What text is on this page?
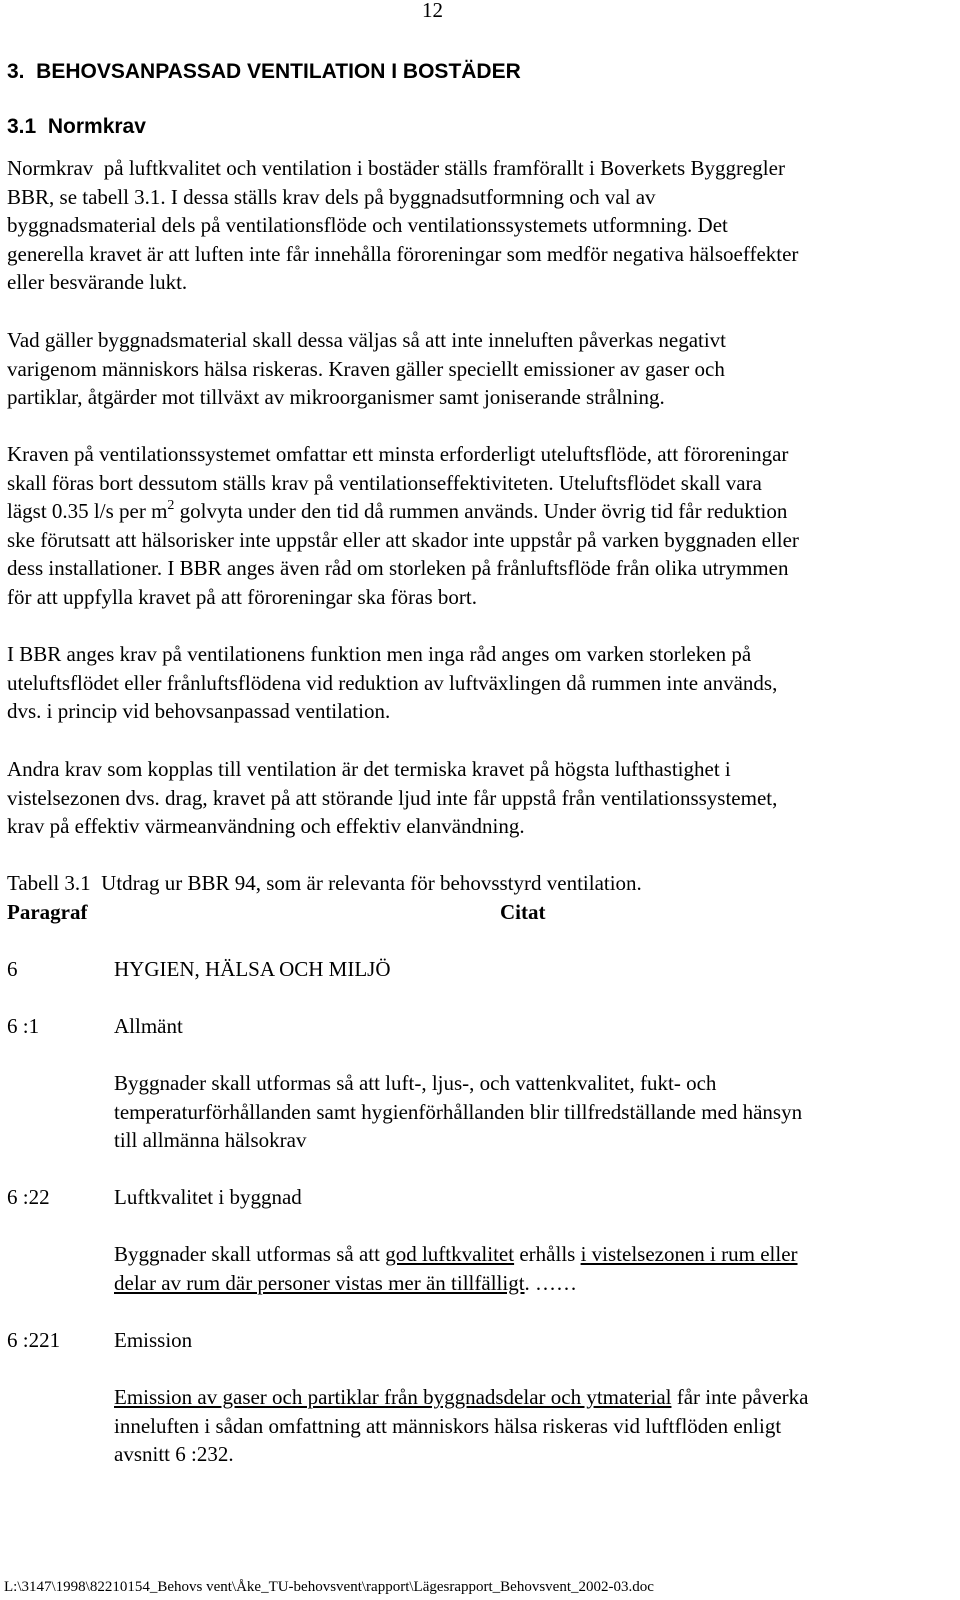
12
3.  BEHOVSANPASSAD VENTILATION I BOSTÄDER
3.1  Normkrav
Normkrav  på luftkvalitet och ventilation i bostäder ställs framförallt i Boverkets Byggregler
BBR, se tabell 3.1. I dessa ställs krav dels på byggnadsutformning och val av
byggnadsmaterial dels på ventilationsflöde och ventilationssystemets utformning. Det
generella kravet är att luften inte får innehålla föroreningar som medför negativa hälsoeffekter
eller besvärande lukt.
Vad gäller byggnadsmaterial skall dessa väljas så att inte inneluften påverkas negativt
varigenom människors hälsa riskeras. Kraven gäller speciellt emissioner av gaser och
partiklar, åtgärder mot tillväxt av mikroorganismer samt joniserande strålning.
Kraven på ventilationssystemet omfattar ett minsta erforderligt uteluftsflöde, att föroreningar
skall föras bort dessutom ställs krav på ventilationseffektiviteten. Uteluftsflödet skall vara
lägst 0.35 l/s per $m^2$ golvyta under den tid då rummen används. Under övrig tid får reduktion
ske förutsatt att hälsorisker inte uppstår eller att skador inte uppstår på varken byggnaden eller
dess installationer. I BBR anges även råd om storleken på frånluftsflöde från olika utrymmen
för att uppfylla kravet på att föroreningar ska föras bort.
I BBR anges krav på ventilationens funktion men inga råd anges om varken storleken på
uteluftsflödet eller frånluftsflödena vid reduktion av luftväxlingen då rummen inte används,
dvs. i princip vid behovsanpassad ventilation.
Andra krav som kopplas till ventilation är det termiska kravet på högsta lufthastighet i
vistelsezonen dvs. drag, kravet på att störande ljud inte får uppstå från ventilationssystemet,
krav på effektiv värmeanvändning och effektiv elanvändning.
Tabell 3.1  Utdrag ur BBR 94, som är relevanta för behovsstyrd ventilation.
Paragraf	Citat
6	HYGIEN, HÄLSA OCH MILJÖ
6 :1	Allmänt
Byggnader skall utformas så att luft-, ljus-, och vattenkvalitet, fukt- och
temperaturförhållanden samt hygienförhållanden blir tillfredställande med hänsyn
till allmänna hälsokrav
6 :22	Luftkvalitet i byggnad
Byggnader skall utformas så att god luftkvalitet erhålls i vistelsezonen i rum eller
delar av rum där personer vistas mer än tillfälligt. ……
6 :221	Emission
Emission av gaser och partiklar från byggnadsdelar och ytmaterial får inte påverka
inneluften i sådan omfattning att människors hälsa riskeras vid luftflöden enligt
avsnitt 6 :232.
L:\3147\1998\82210154_Behovs vent\Åke_TU-behovsvent\rapport\Lägesrapport_Behovsvent_2002-03.doc
